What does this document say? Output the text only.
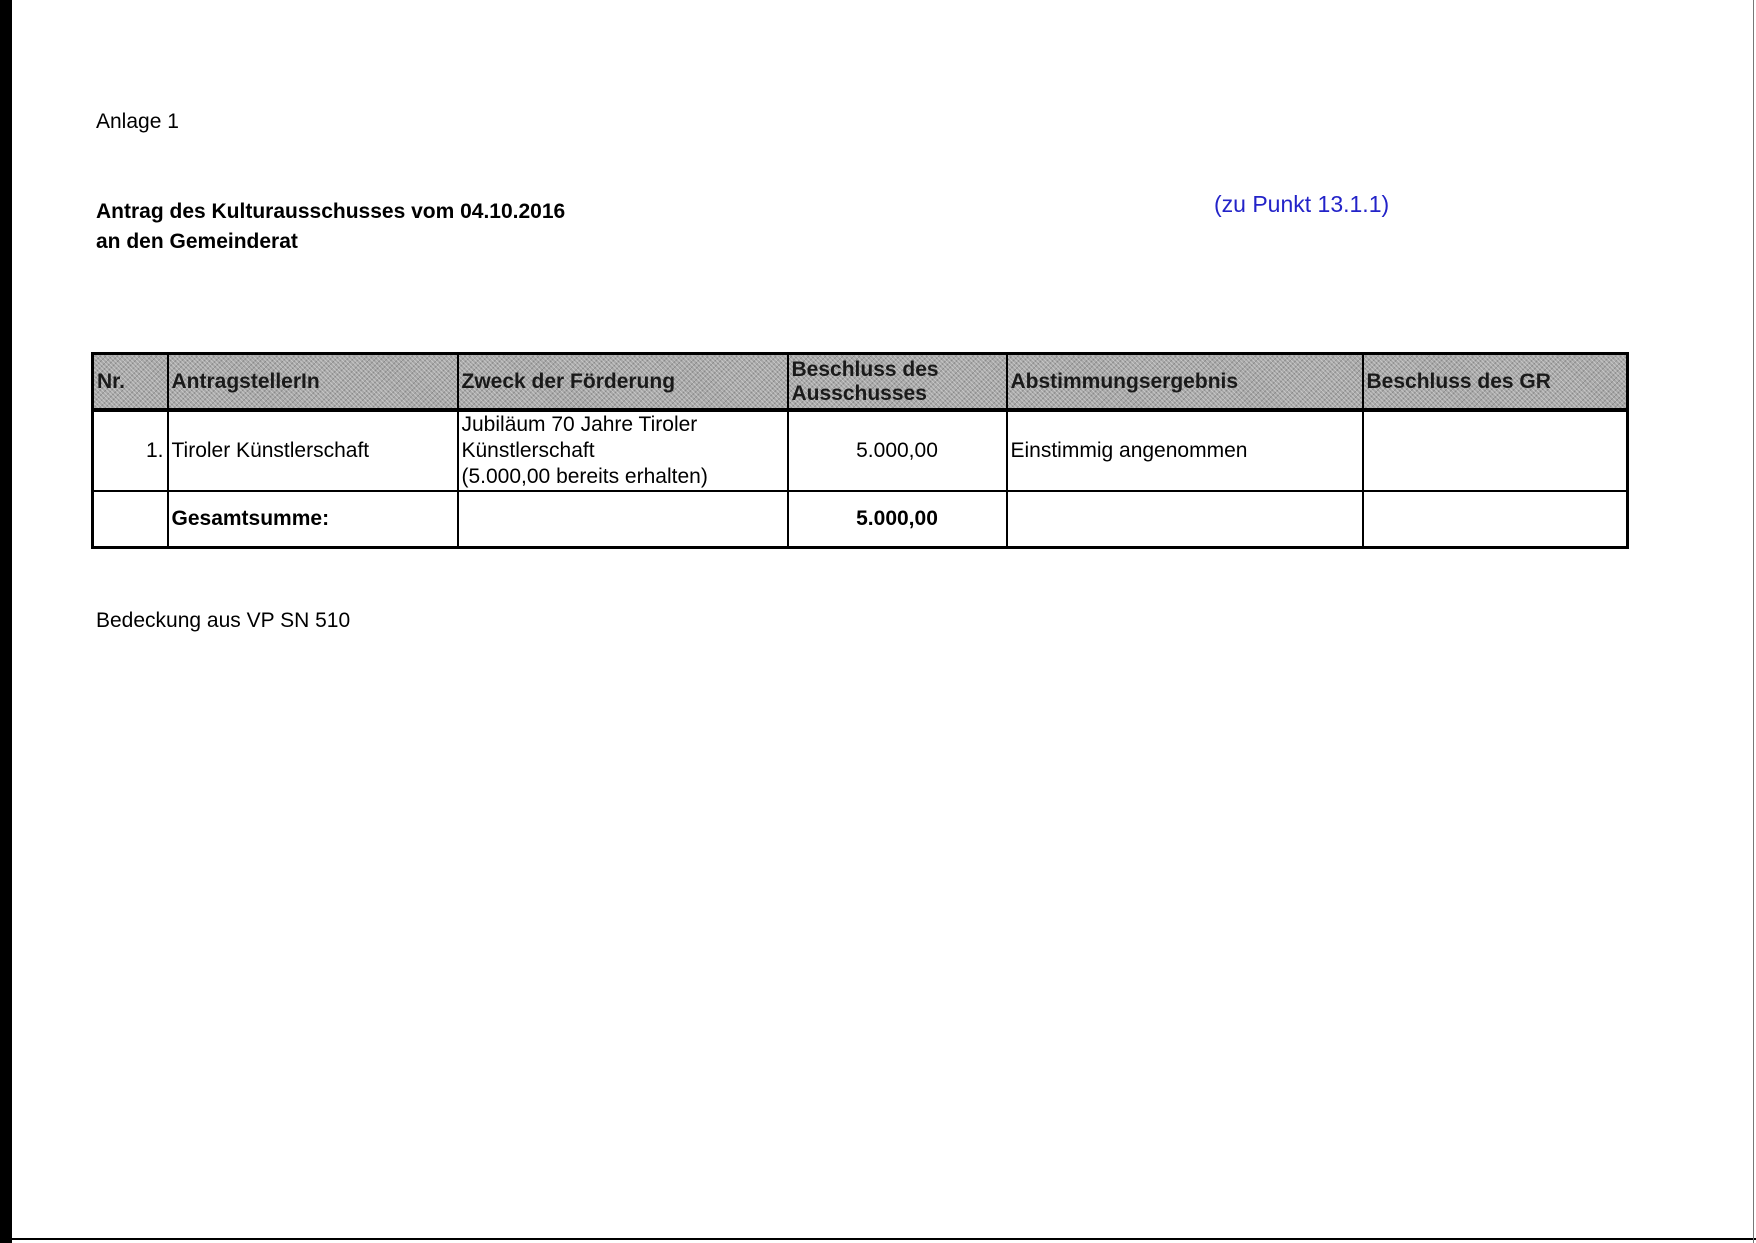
Anlage 1
Antrag des Kulturausschusses vom 04.10.2016
an den Gemeinderat
(zu Punkt 13.1.1)
Nr.	AntragstellerIn	Zweck der Förderung	Beschluss des Ausschusses	Abstimmungsergebnis	Beschluss des GR
1.	Tiroler Künstlerschaft	Jubiläum 70 Jahre Tiroler
Künstlerschaft
(5.000,00 bereits erhalten)	5.000,00	Einstimmig angenommen	
	Gesamtsumme:		5.000,00		
Bedeckung aus VP SN 510
